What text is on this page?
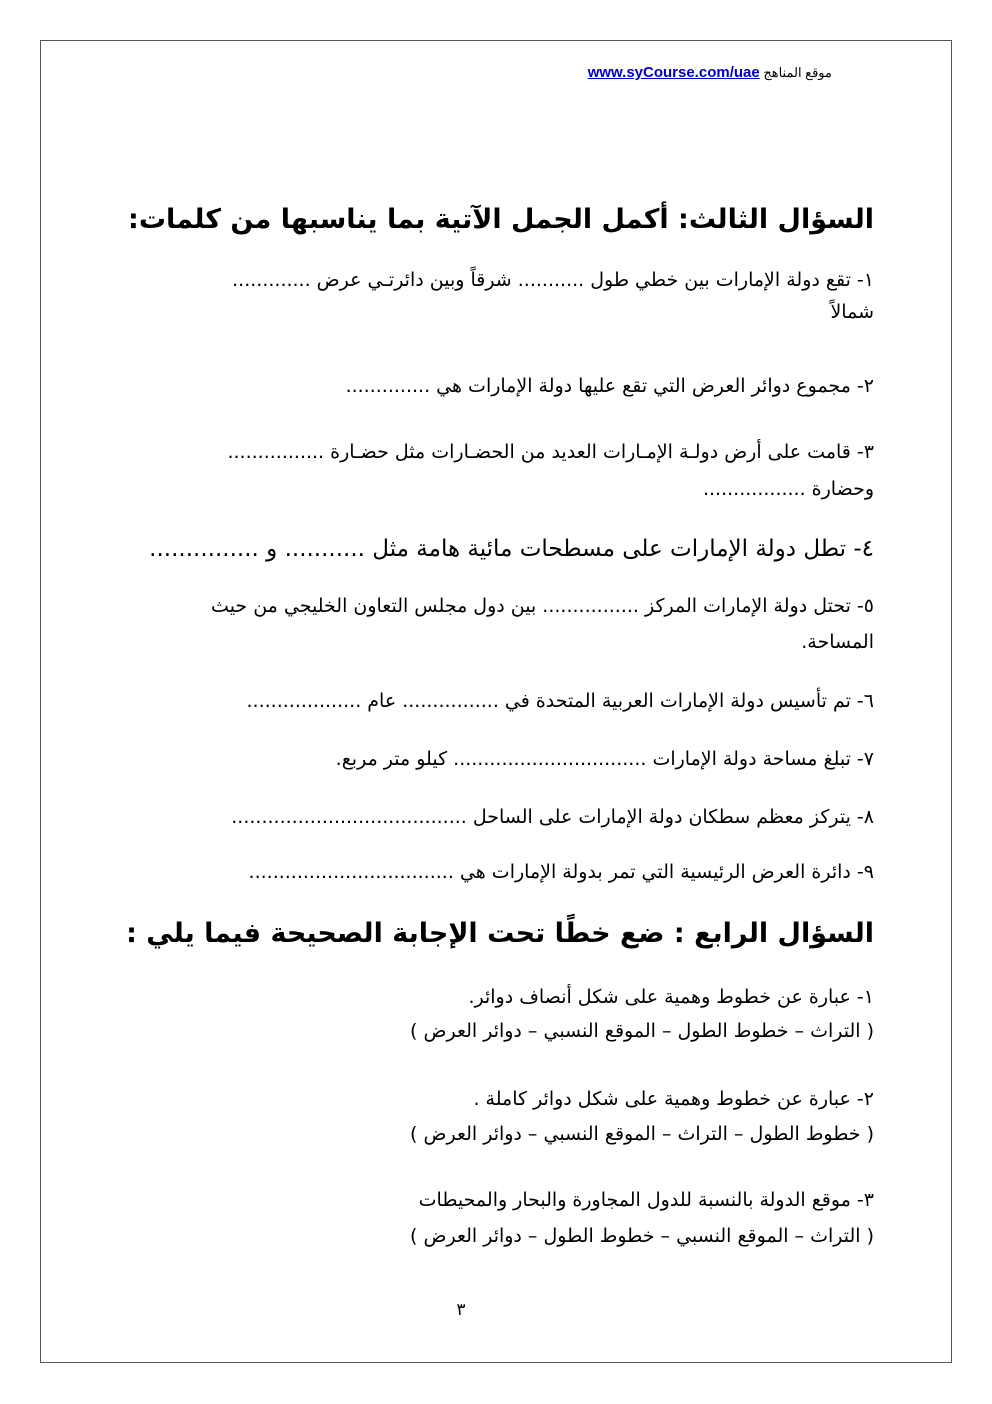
موقع المناهج www.syCourse.com/uae
السؤال الثالث: أكمل الجمل الآتية بما يناسبها من كلمات:
١- تقع دولة الإمارات بين خطي طول ........... شرقاً وبين دائرتـي عرض .............
شمالاً
٢- مجموع دوائر العرض التي تقع عليها دولة الإمارات هي ..............
٣- قامت على أرض دولـة الإمـارات العديد من الحضـارات مثل حضـارة ................
وحضارة .................
٤- تطل دولة الإمارات على مسطحات مائية هامة مثل ........... و ...............
٥- تحتل دولة الإمارات المركز ................ بين دول مجلس التعاون الخليجي من حيث
المساحة.
٦- تم تأسيس دولة الإمارات العربية المتحدة في ................ عام ...................
٧- تبلغ مساحة دولة الإمارات ................................ كيلو متر مربع.
٨- يتركز معظم سطكان دولة الإمارات على الساحل .......................................
٩- دائرة العرض الرئيسية التي تمر بدولة الإمارات هي ..................................
السؤال الرابع : ضع خطًا تحت الإجابة الصحيحة فيما يلي :
١- عبارة عن خطوط وهمية على شكل أنصاف دوائر.
( التراث – خطوط الطول – الموقع النسبي – دوائر العرض )
٢- عبارة عن خطوط وهمية على شكل دوائر كاملة .
( خطوط الطول – التراث – الموقع النسبي – دوائر العرض )
٣- موقع الدولة بالنسبة للدول المجاورة والبحار والمحيطات
( التراث – الموقع النسبي – خطوط الطول – دوائر العرض )
٣
